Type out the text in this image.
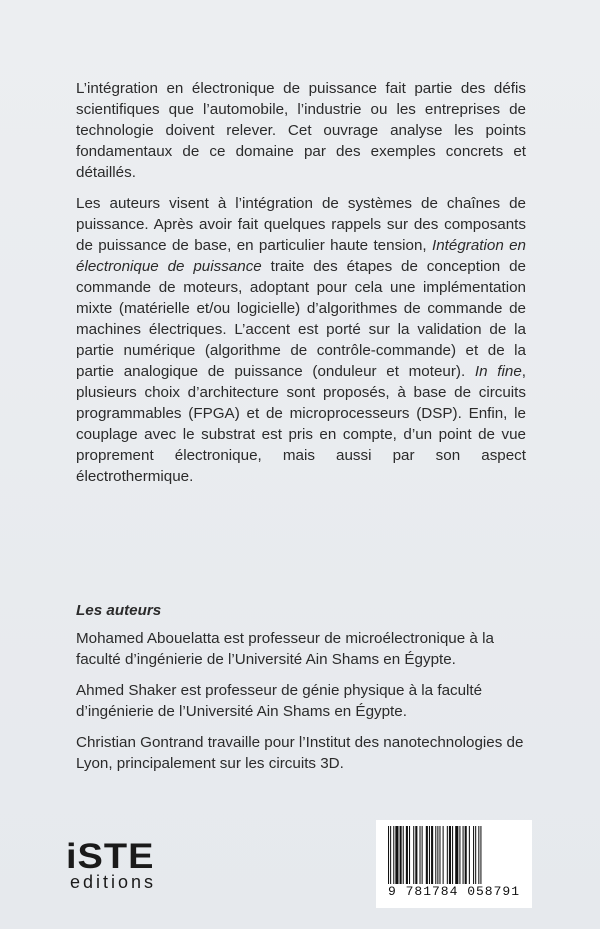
L’intégration en électronique de puissance fait partie des défis scientifiques que l’automobile, l’industrie ou les entreprises de technologie doivent relever. Cet ouvrage analyse les points fondamentaux de ce domaine par des exemples concrets et détaillés.

Les auteurs visent à l’intégration de systèmes de chaînes de puissance. Après avoir fait quelques rappels sur des composants de puissance de base, en particulier haute tension, Intégration en électronique de puissance traite des étapes de conception de commande de moteurs, adoptant pour cela une implémentation mixte (matérielle et/ou logicielle) d’algorithmes de commande de machines électriques. L’accent est porté sur la validation de la partie numérique (algorithme de contrôle-commande) et de la partie analogique de puissance (onduleur et moteur). In fine, plusieurs choix d’architecture sont proposés, à base de circuits programmables (FPGA) et de microprocesseurs (DSP). Enfin, le couplage avec le substrat est pris en compte, d’un point de vue proprement électronique, mais aussi par son aspect électrothermique.

Les auteurs

Mohamed Abouelatta est professeur de microélectronique à la faculté d’ingénierie de l’Université Ain Shams en Égypte.

Ahmed Shaker est professeur de génie physique à la faculté d’ingénierie de l’Université Ain Shams en Égypte.

Christian Gontrand travaille pour l’Institut des nanotechnologies de Lyon, principalement sur les circuits 3D.

iSTE
editions	9 781784 058791
